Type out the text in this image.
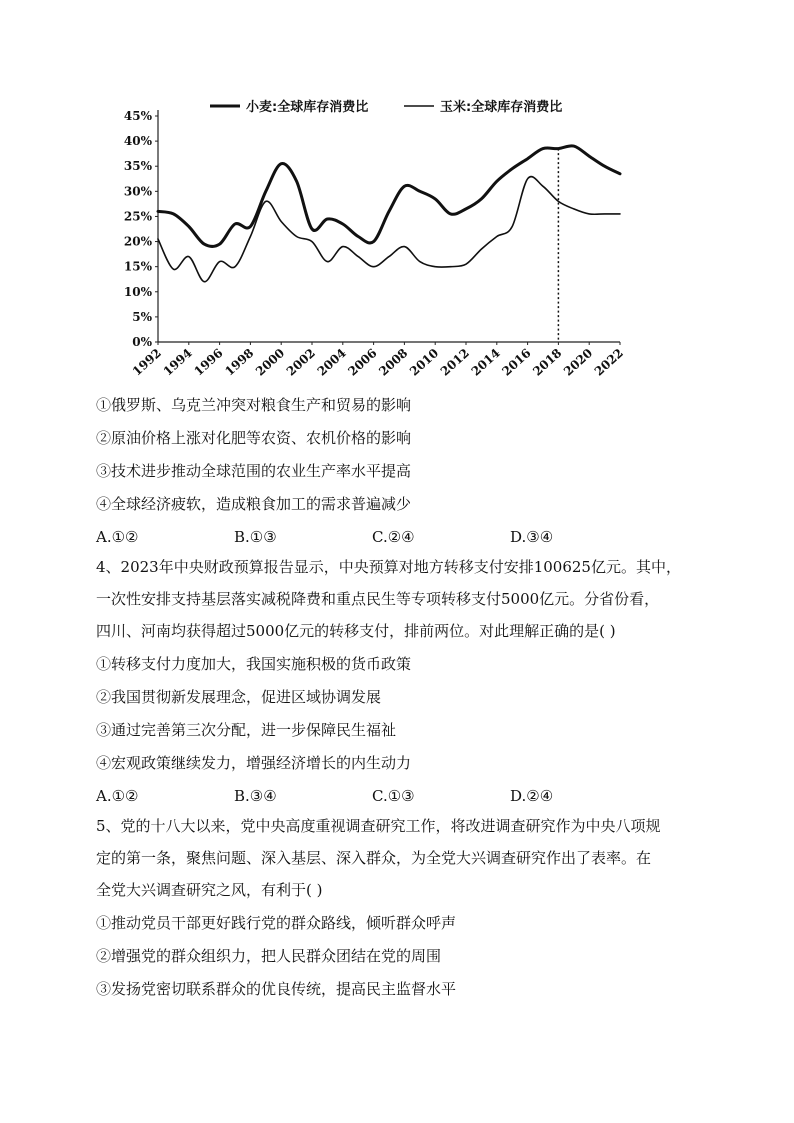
0%
5%
10%
15%
20%
25%
30%
35%
40%
45%
1992
1994
1996
1998
2000
2002
2004
2006
2008
2010
2012
2014
2016
2018
2020
2022
小麦:全球库存消费比	玉米:全球库存消费比
①俄罗斯、乌克兰冲突对粮食生产和贸易的影响
②原油价格上涨对化肥等农资、农机价格的影响
③技术进步推动全球范围的农业生产率水平提高
④全球经济疲软，造成粮食加工的需求普遍减少
A.①②	B.①③	C.②④	D.③④

4、2023年中央财政预算报告显示，中央预算对地方转移支付安排100625亿元。其中，

一次性安排支持基层落实减税降费和重点民生等专项转移支付5000亿元。分省份看，

四川、河南均获得超过5000亿元的转移支付，排前两位。对此理解正确的是( )

①转移支付力度加大，我国实施积极的货币政策
②我国贯彻新发展理念，促进区域协调发展
③通过完善第三次分配，进一步保障民生福祉
④宏观政策继续发力，增强经济增长的内生动力
A.①②	B.③④	C.①③	D.②④

5、党的十八大以来，党中央高度重视调查研究工作，将改进调查研究作为中央八项规

定的第一条，聚焦问题、深入基层、深入群众，为全党大兴调查研究作出了表率。在

全党大兴调查研究之风，有利于( )

①推动党员干部更好践行党的群众路线，倾听群众呼声
②增强党的群众组织力，把人民群众团结在党的周围
③发扬党密切联系群众的优良传统，提高民主监督水平
